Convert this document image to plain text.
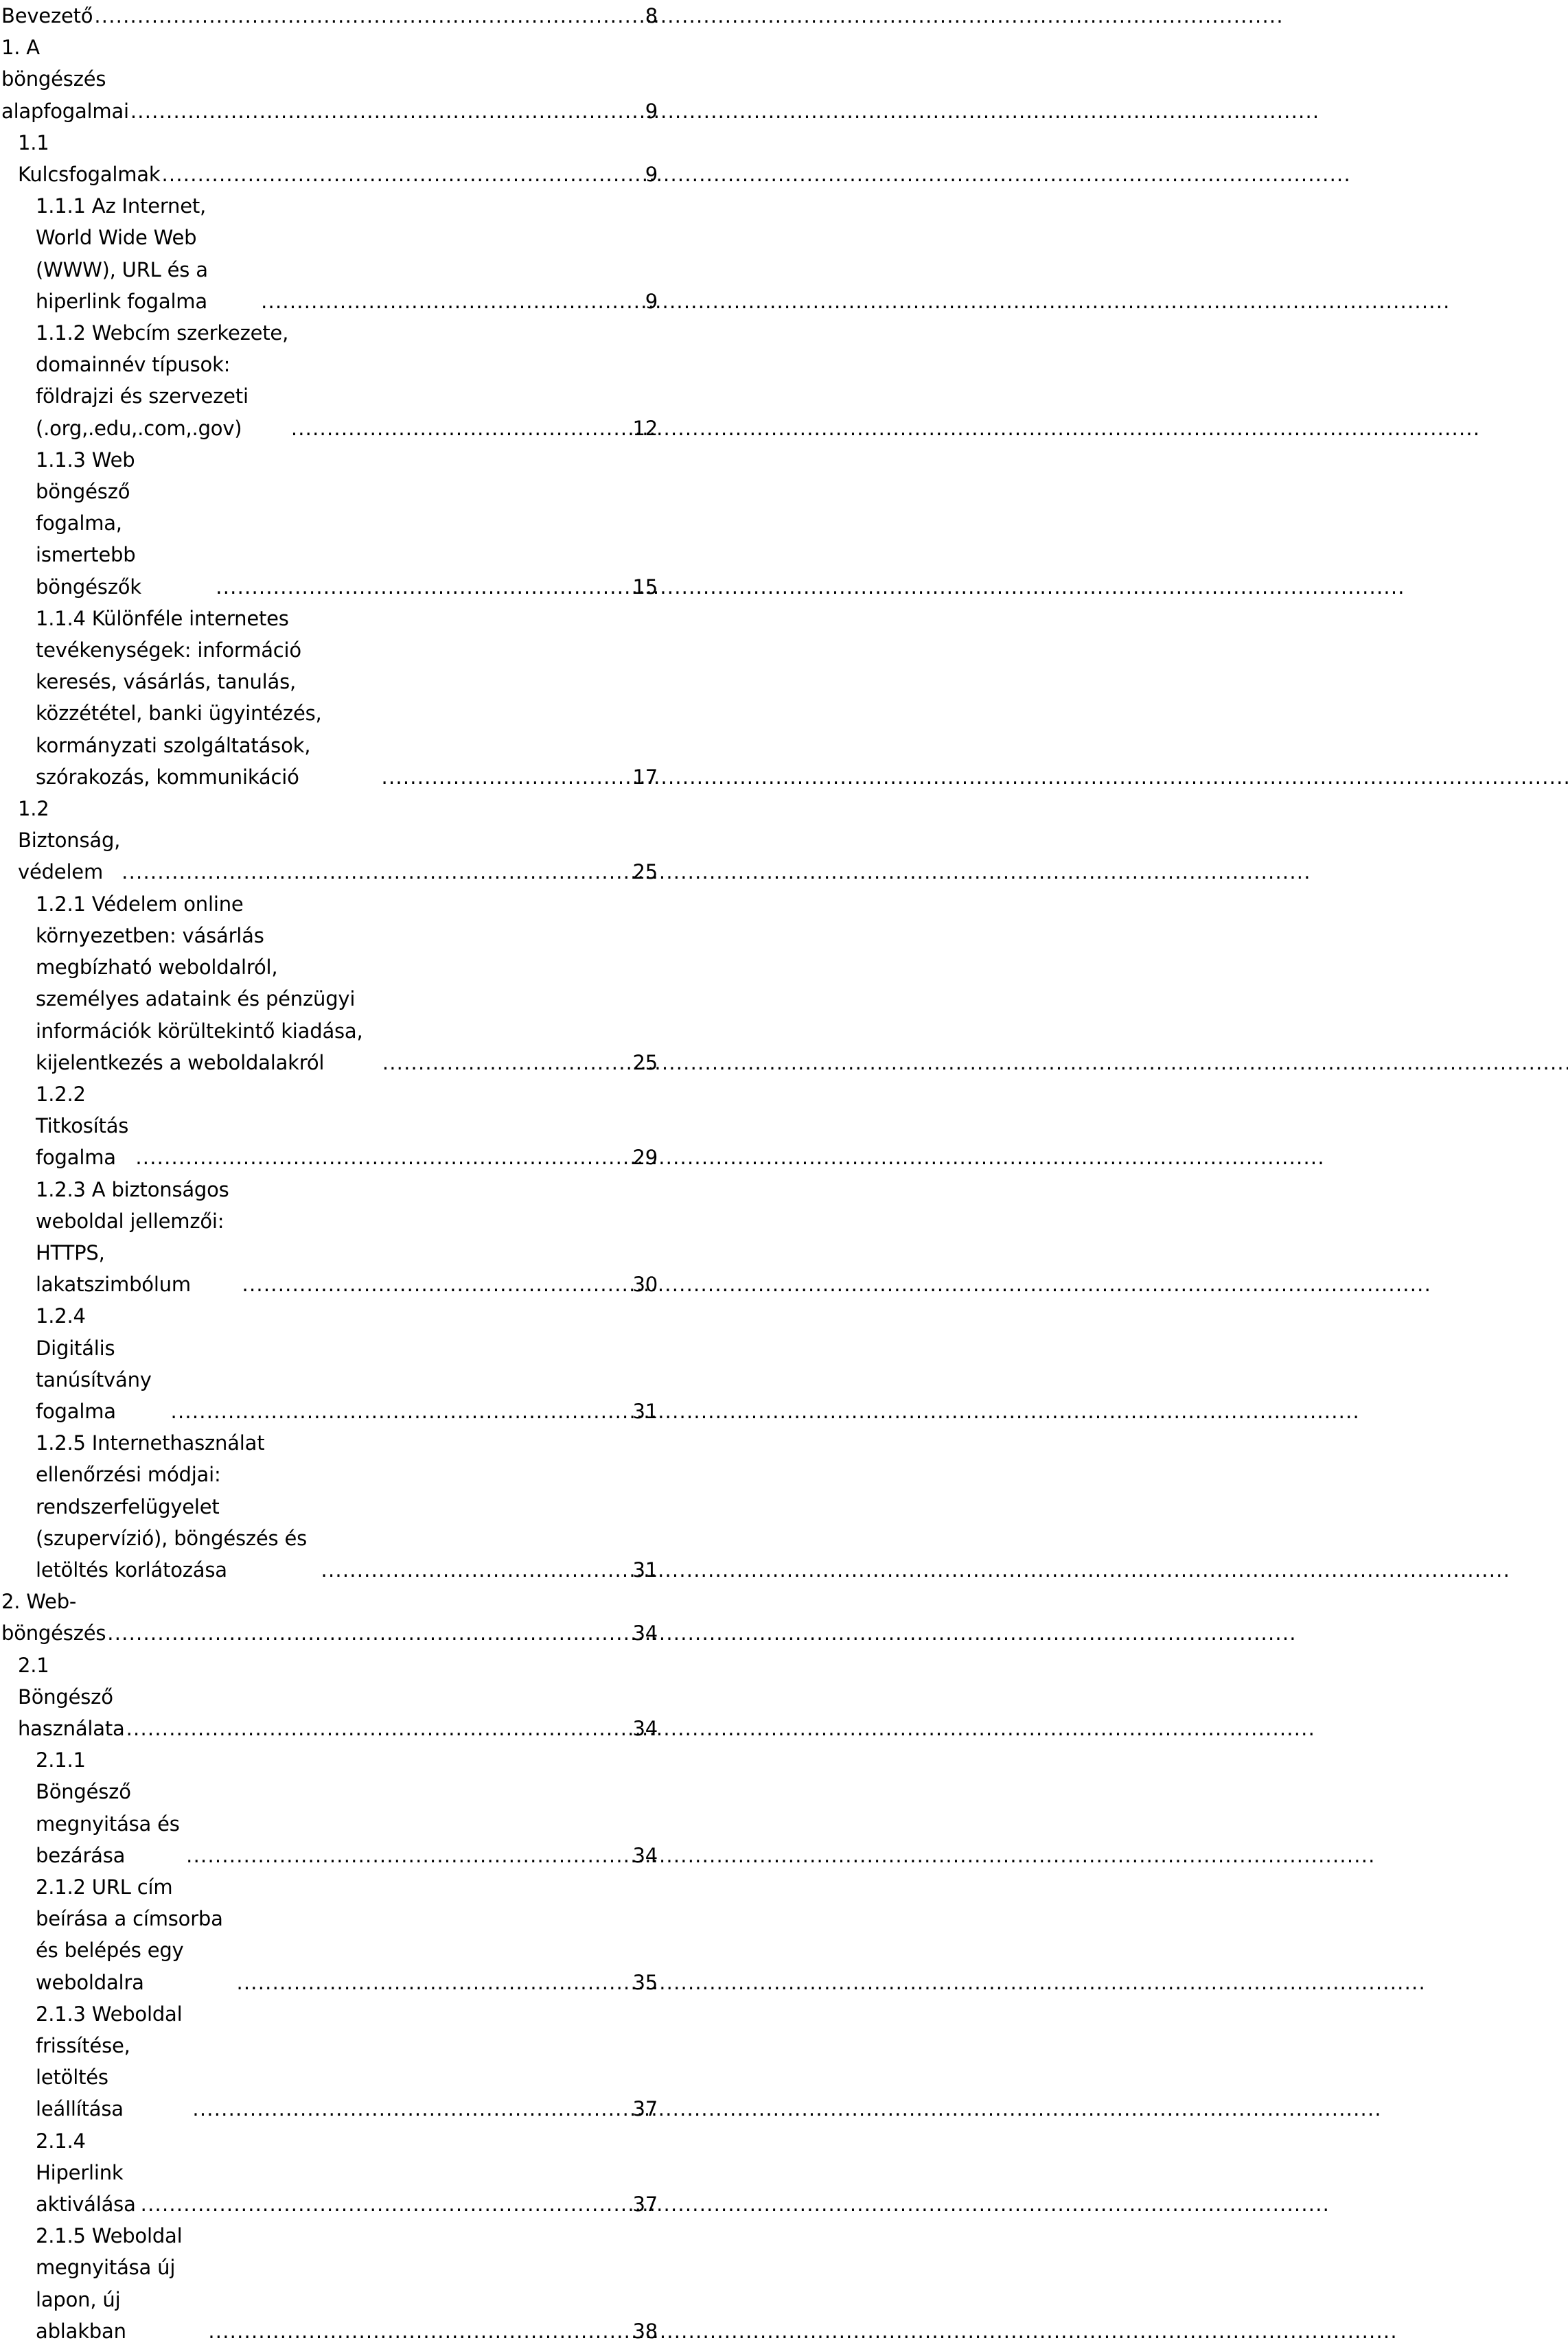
Bevezető . . .	8
1. A böngészés alapfogalmai . . .	9
1.1 Kulcsfogalmak . . .	9
1.1.1 Az Internet, World Wide Web (WWW), URL és a hiperlink fogalma . . .	9
1.1.2 Webcím szerkezete, domainnév típusok: földrajzi és szervezeti (.org,.edu,.com,.gov) . . .	12
1.1.3 Web böngésző fogalma, ismertebb böngészők . . .	15
1.1.4 Különféle internetes tevékenységek: információ keresés, vásárlás, tanulás, közzététel, banki ügyintézés, kormányzati szolgáltatások, szórakozás, kommunikáció . . .	17
1.2 Biztonság, védelem . . .	25
1.2.1 Védelem online környezetben: vásárlás megbízható weboldalról, személyes adataink és pénzügyi információk körültekintő kiadása, kijelentkezés a weboldalakról . . .	25
1.2.2 Titkosítás fogalma . . .	29
1.2.3 A biztonságos weboldal jellemzői: HTTPS, lakatszimbólum . . .	30
1.2.4 Digitális tanúsítvány fogalma . . .	31
1.2.5 Internethasználat ellenőrzési módjai: rendszerfelügyelet (szupervízió), böngészés és letöltés korlátozása . . .	31
2. Web-böngészés . . .	34
2.1 Böngésző használata . . .	34
2.1.1 Böngésző megnyitása és bezárása . . .	34
2.1.2 URL cím beírása a címsorba és belépés egy weboldalra . . .	35
2.1.3 Weboldal frissítése, letöltés leállítása . . .	37
2.1.4 Hiperlink aktiválása . . .	37
2.1.5 Weboldal megnyitása új lapon, új ablakban . . .	38
